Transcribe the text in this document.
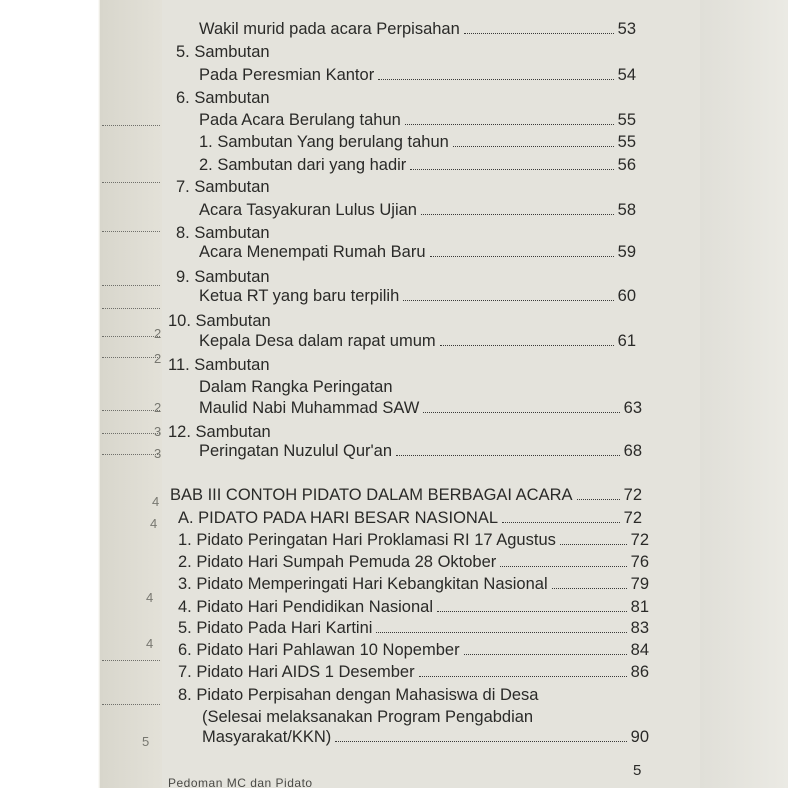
2
2
2
3
3
4
4
4
4
5
Wakil murid pada acara Perpisahan	53
5. Sambutan
Pada Peresmian Kantor	54
6. Sambutan
Pada Acara Berulang tahun	55
1. Sambutan Yang berulang tahun	55
2. Sambutan dari yang hadir	56
7. Sambutan
Acara Tasyakuran Lulus Ujian	58
8. Sambutan
Acara Menempati Rumah Baru	59
9. Sambutan
Ketua RT yang baru terpilih	60
10. Sambutan
Kepala Desa dalam rapat umum	61
11. Sambutan
Dalam Rangka Peringatan
Maulid Nabi Muhammad SAW	63
12. Sambutan
Peringatan Nuzulul Qur'an	68
BAB III CONTOH PIDATO DALAM BERBAGAI ACARA	72
A. PIDATO PADA HARI BESAR NASIONAL	72
1. Pidato Peringatan Hari Proklamasi RI 17 Agustus	72
2. Pidato Hari Sumpah Pemuda 28 Oktober	76
3. Pidato Memperingati Hari Kebangkitan Nasional	79
4. Pidato Hari Pendidikan Nasional	81
5. Pidato Pada Hari Kartini	83
6. Pidato Hari Pahlawan 10 Nopember	84
7. Pidato Hari AIDS 1 Desember	86
8. Pidato Perpisahan dengan Mahasiswa di Desa
(Selesai melaksanakan Program Pengabdian
Masyarakat/KKN)	90
Pedoman MC dan Pidato
5
